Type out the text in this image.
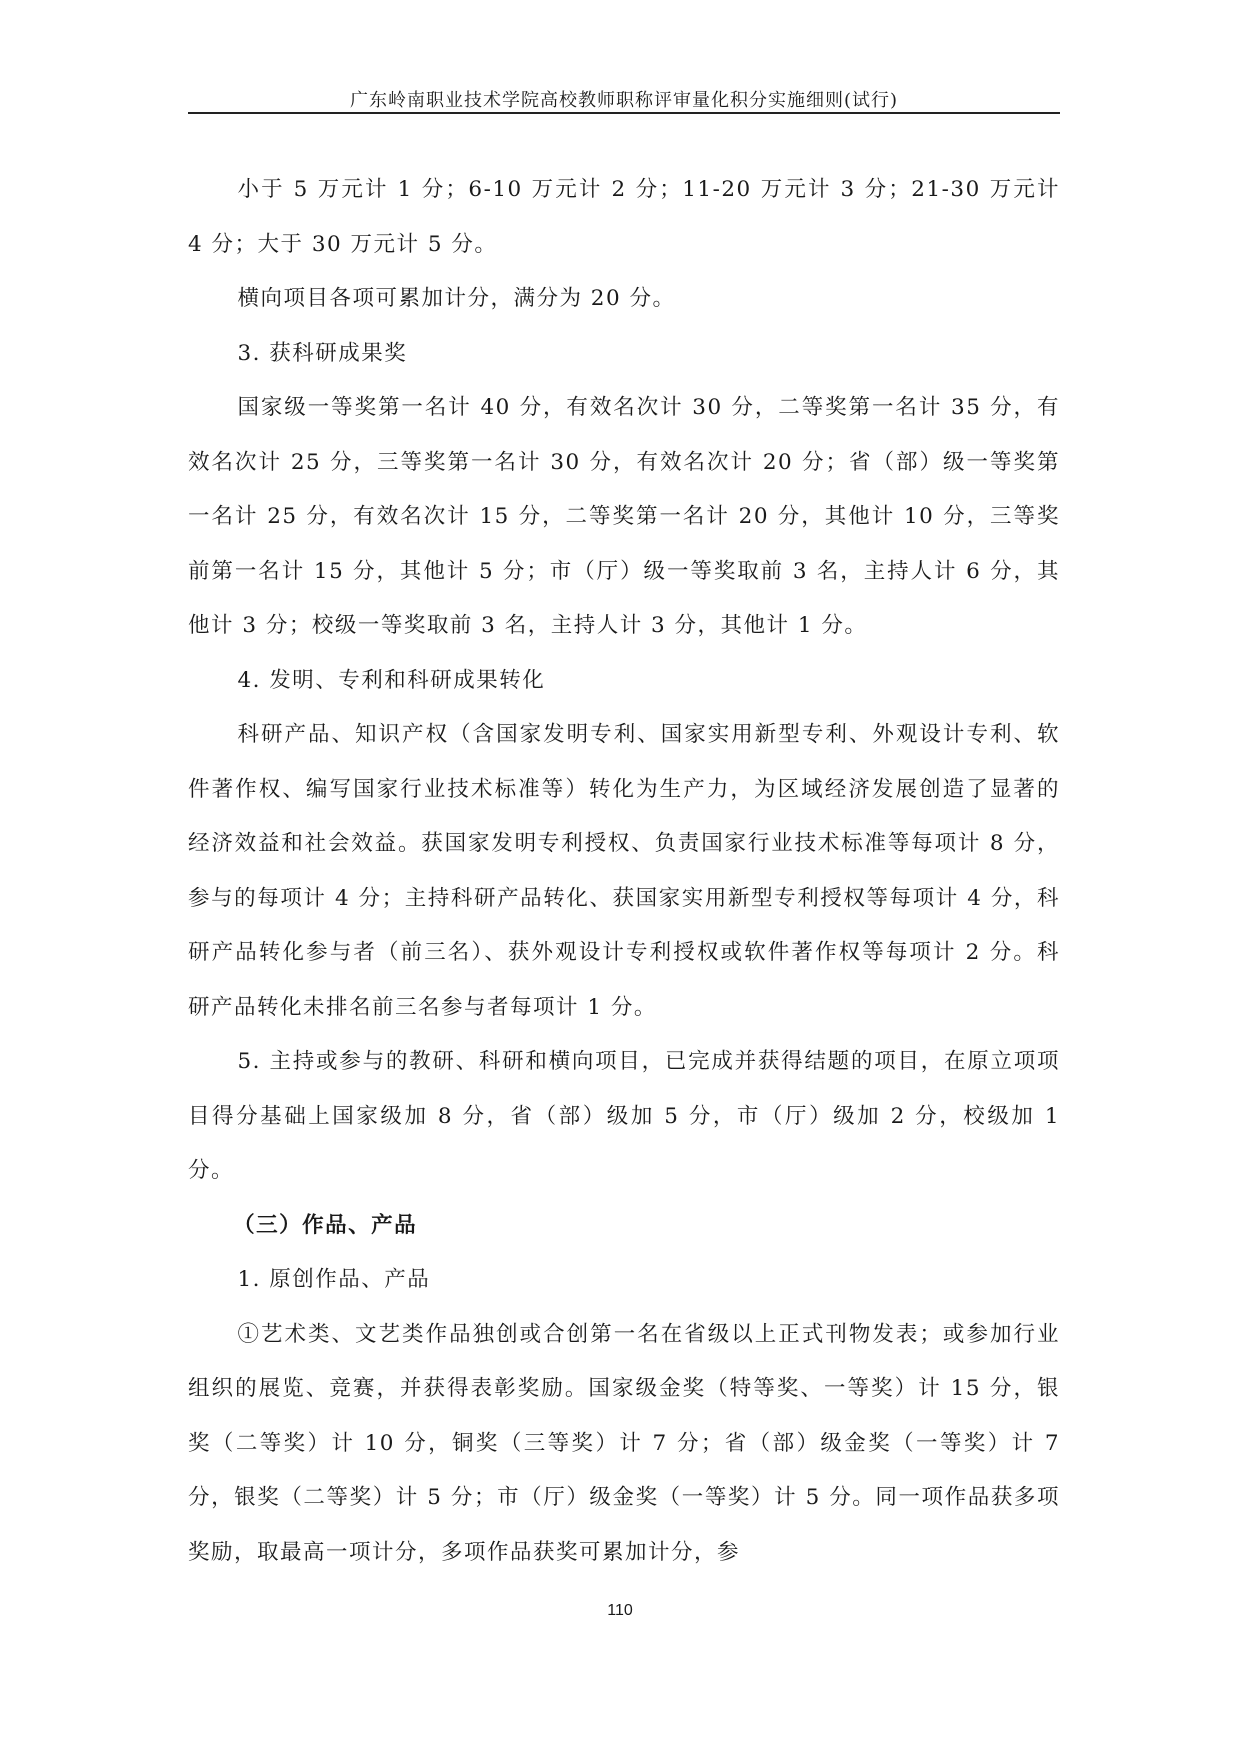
广东岭南职业技术学院高校教师职称评审量化积分实施细则(试行)

小于 5 万元计 1 分；6-10 万元计 2 分；11-20 万元计 3 分；21-30 万元计 4 分；大于 30 万元计 5 分。

横向项目各项可累加计分，满分为 20 分。

3. 获科研成果奖

国家级一等奖第一名计 40 分，有效名次计 30 分，二等奖第一名计 35 分，有效名次计 25 分，三等奖第一名计 30 分，有效名次计 20 分；省（部）级一等奖第一名计 25 分，有效名次计 15 分，二等奖第一名计 20 分，其他计 10 分，三等奖前第一名计 15 分，其他计 5 分；市（厅）级一等奖取前 3 名，主持人计 6 分，其他计 3 分；校级一等奖取前 3 名，主持人计 3 分，其他计 1 分。

4. 发明、专利和科研成果转化

科研产品、知识产权（含国家发明专利、国家实用新型专利、外观设计专利、软件著作权、编写国家行业技术标准等）转化为生产力，为区域经济发展创造了显著的经济效益和社会效益。获国家发明专利授权、负责国家行业技术标准等每项计 8 分，参与的每项计 4 分；主持科研产品转化、获国家实用新型专利授权等每项计 4 分，科研产品转化参与者（前三名）、获外观设计专利授权或软件著作权等每项计 2 分。科研产品转化未排名前三名参与者每项计 1 分。

5. 主持或参与的教研、科研和横向项目，已完成并获得结题的项目，在原立项项目得分基础上国家级加 8 分，省（部）级加 5 分，市（厅）级加 2 分，校级加 1 分。

（三）作品、产品

1. 原创作品、产品

①艺术类、文艺类作品独创或合创第一名在省级以上正式刊物发表；或参加行业组织的展览、竞赛，并获得表彰奖励。国家级金奖（特等奖、一等奖）计 15 分，银奖（二等奖）计 10 分，铜奖（三等奖）计 7 分；省（部）级金奖（一等奖）计 7 分，银奖（二等奖）计 5 分；市（厅）级金奖（一等奖）计 5 分。同一项作品获多项奖励，取最高一项计分，多项作品获奖可累加计分，参

110
